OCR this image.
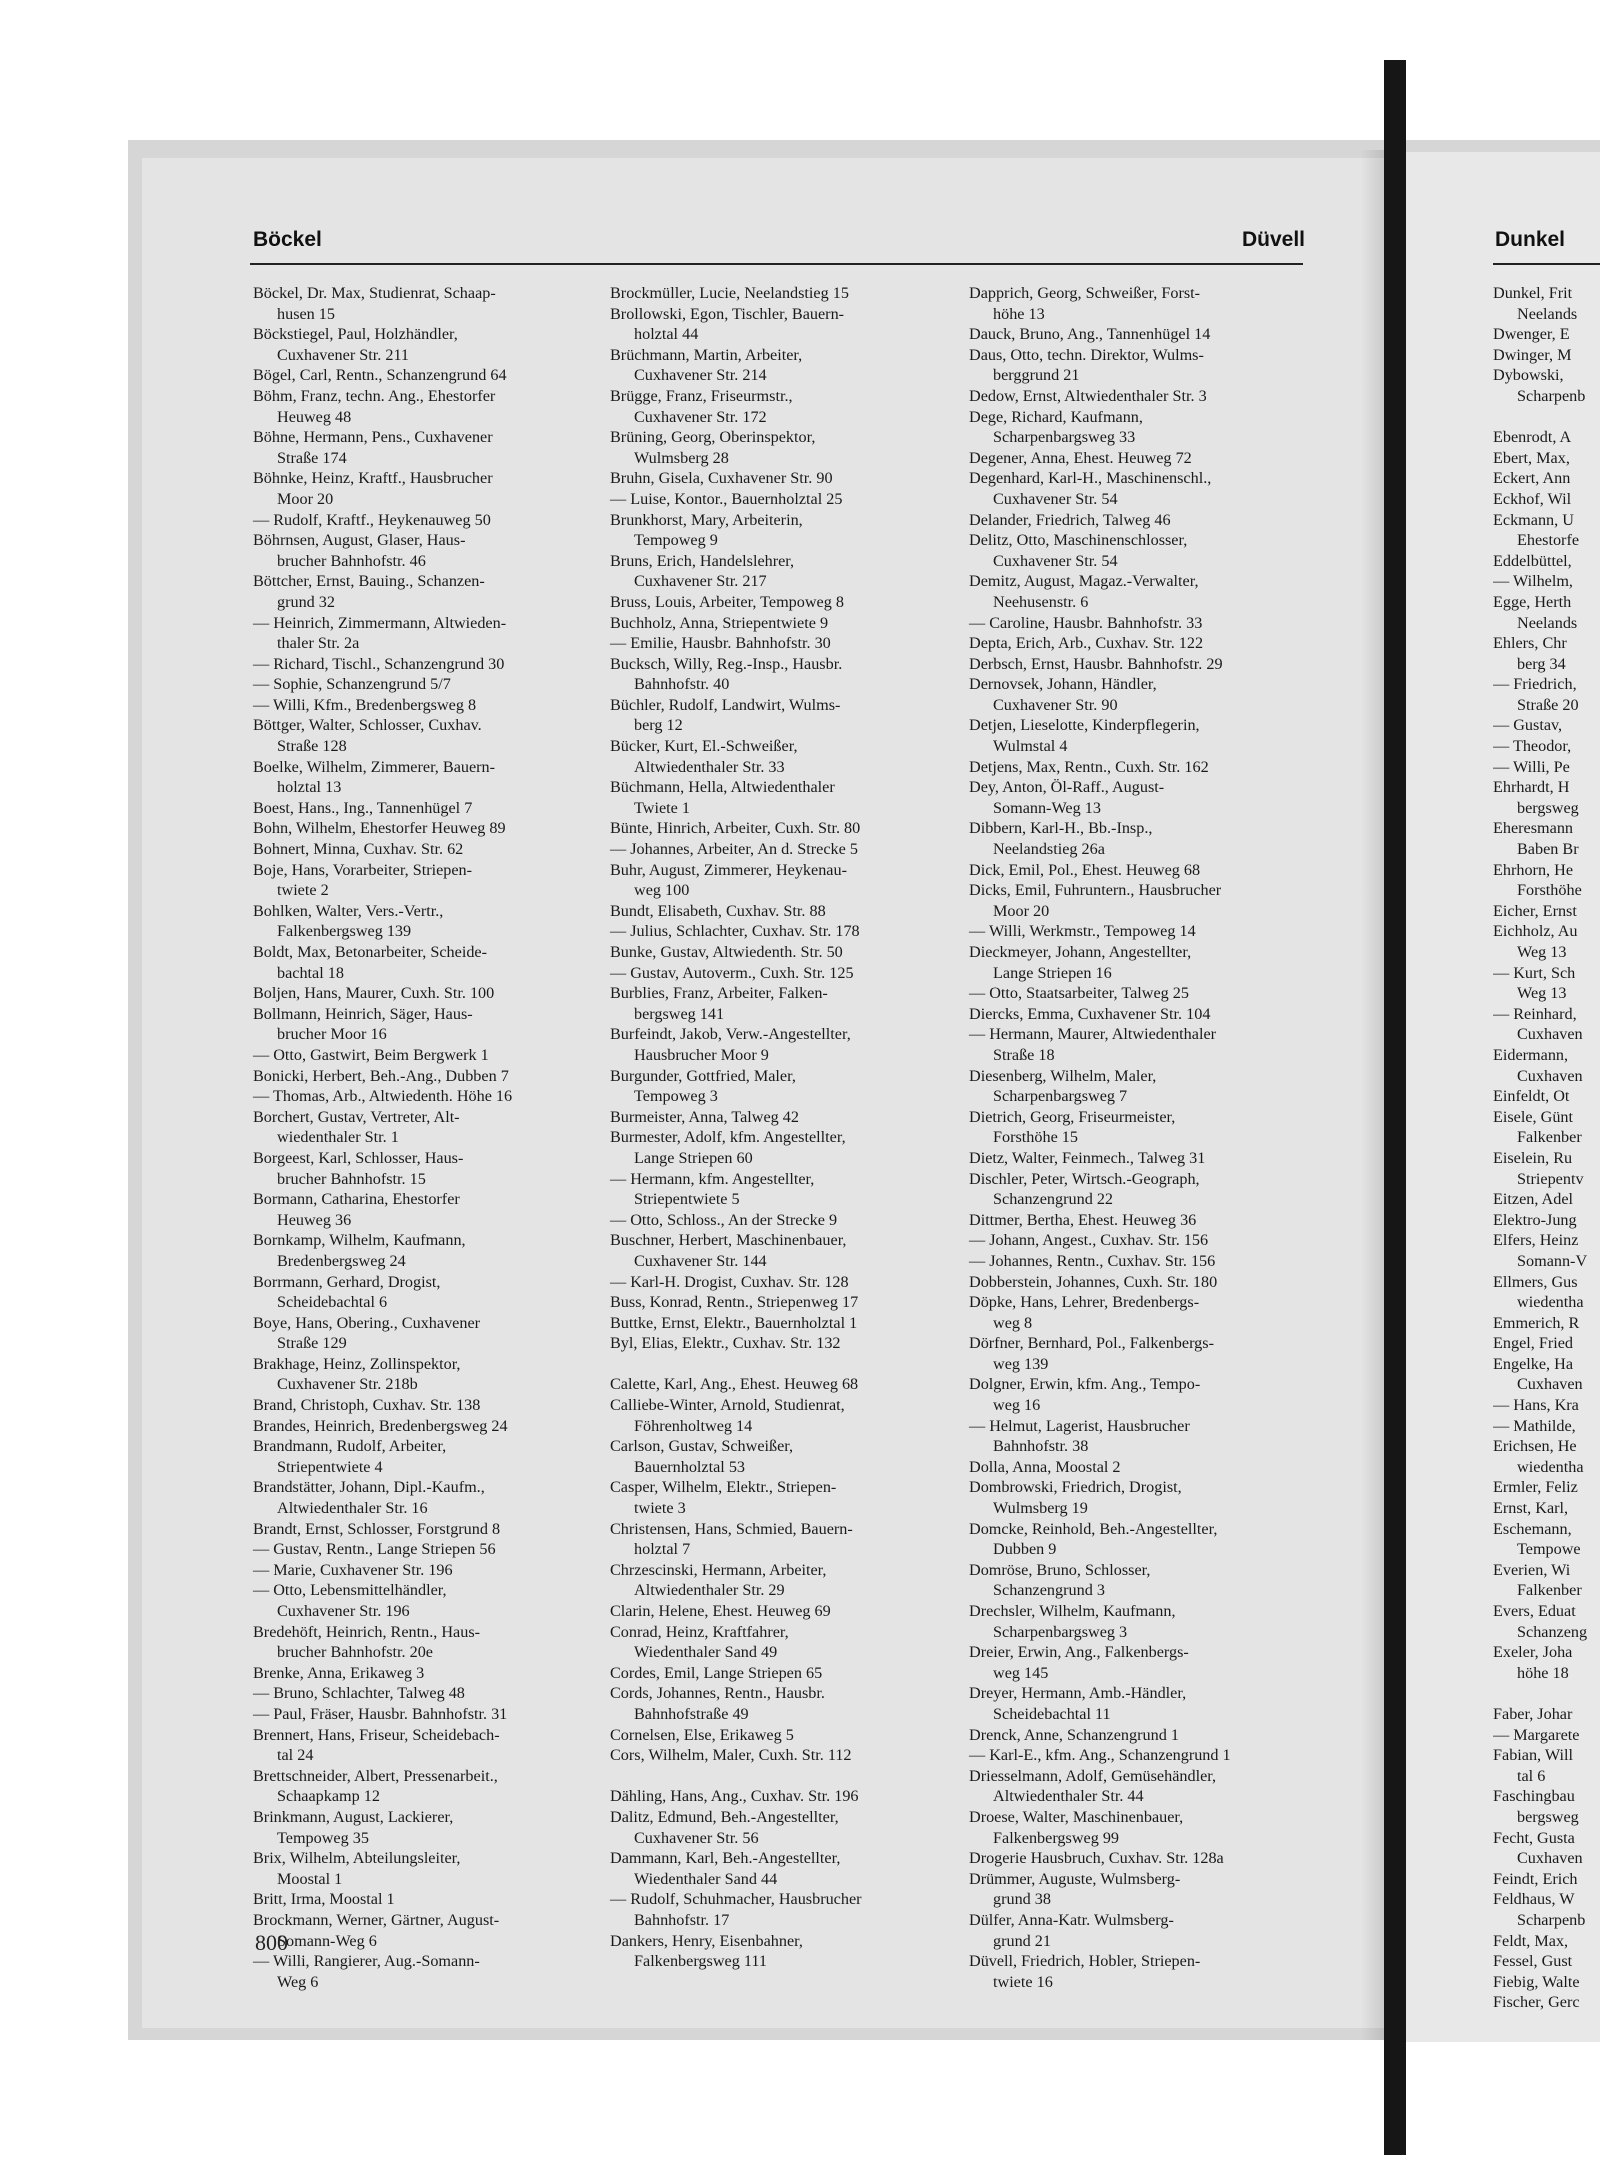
Böckel	Düvell	Dunkel
Böckel, Dr. Max, Studienrat, Schaap-
husen 15
Böckstiegel, Paul, Holzhändler,
Cuxhavener Str. 211
Bögel, Carl, Rentn., Schanzengrund 64
Böhm, Franz, techn. Ang., Ehestorfer
Heuweg 48
Böhne, Hermann, Pens., Cuxhavener
Straße 174
Böhnke, Heinz, Kraftf., Hausbrucher
Moor 20
— Rudolf, Kraftf., Heykenauweg 50
Böhrnsen, August, Glaser, Haus-
brucher Bahnhofstr. 46
Böttcher, Ernst, Bauing., Schanzen-
grund 32
— Heinrich, Zimmermann, Altwieden-
thaler Str. 2a
— Richard, Tischl., Schanzengrund 30
— Sophie, Schanzengrund 5/7
— Willi, Kfm., Bredenbergsweg 8
Böttger, Walter, Schlosser, Cuxhav.
Straße 128
Boelke, Wilhelm, Zimmerer, Bauern-
holztal 13
Boest, Hans., Ing., Tannenhügel 7
Bohn, Wilhelm, Ehestorfer Heuweg 89
Bohnert, Minna, Cuxhav. Str. 62
Boje, Hans, Vorarbeiter, Striepen-
twiete 2
Bohlken, Walter, Vers.-Vertr.,
Falkenbergsweg 139
Boldt, Max, Betonarbeiter, Scheide-
bachtal 18
Boljen, Hans, Maurer, Cuxh. Str. 100
Bollmann, Heinrich, Säger, Haus-
brucher Moor 16
— Otto, Gastwirt, Beim Bergwerk 1
Bonicki, Herbert, Beh.-Ang., Dubben 7
— Thomas, Arb., Altwiedenth. Höhe 16
Borchert, Gustav, Vertreter, Alt-
wiedenthaler Str. 1
Borgeest, Karl, Schlosser, Haus-
brucher Bahnhofstr. 15
Bormann, Catharina, Ehestorfer
Heuweg 36
Bornkamp, Wilhelm, Kaufmann,
Bredenbergsweg 24
Borrmann, Gerhard, Drogist,
Scheidebachtal 6
Boye, Hans, Obering., Cuxhavener
Straße 129
Brakhage, Heinz, Zollinspektor,
Cuxhavener Str. 218b
Brand, Christoph, Cuxhav. Str. 138
Brandes, Heinrich, Bredenbergsweg 24
Brandmann, Rudolf, Arbeiter,
Striepentwiete 4
Brandstätter, Johann, Dipl.-Kaufm.,
Altwiedenthaler Str. 16
Brandt, Ernst, Schlosser, Forstgrund 8
— Gustav, Rentn., Lange Striepen 56
— Marie, Cuxhavener Str. 196
— Otto, Lebensmittelhändler,
Cuxhavener Str. 196
Bredehöft, Heinrich, Rentn., Haus-
brucher Bahnhofstr. 20e
Brenke, Anna, Erikaweg 3
— Bruno, Schlachter, Talweg 48
— Paul, Fräser, Hausbr. Bahnhofstr. 31
Brennert, Hans, Friseur, Scheidebach-
tal 24
Brettschneider, Albert, Pressenarbeit.,
Schaapkamp 12
Brinkmann, August, Lackierer,
Tempoweg 35
Brix, Wilhelm, Abteilungsleiter,
Moostal 1
Britt, Irma, Moostal 1
Brockmann, Werner, Gärtner, August-
Somann-Weg 6
— Willi, Rangierer, Aug.-Somann-
Weg 6
Brockmüller, Lucie, Neelandstieg 15
Brollowski, Egon, Tischler, Bauern-
holztal 44
Brüchmann, Martin, Arbeiter,
Cuxhavener Str. 214
Brügge, Franz, Friseurmstr.,
Cuxhavener Str. 172
Brüning, Georg, Oberinspektor,
Wulmsberg 28
Bruhn, Gisela, Cuxhavener Str. 90
— Luise, Kontor., Bauernholztal 25
Brunkhorst, Mary, Arbeiterin,
Tempoweg 9
Bruns, Erich, Handelslehrer,
Cuxhavener Str. 217
Bruss, Louis, Arbeiter, Tempoweg 8
Buchholz, Anna, Striepentwiete 9
— Emilie, Hausbr. Bahnhofstr. 30
Bucksch, Willy, Reg.-Insp., Hausbr.
Bahnhofstr. 40
Büchler, Rudolf, Landwirt, Wulms-
berg 12
Bücker, Kurt, El.-Schweißer,
Altwiedenthaler Str. 33
Büchmann, Hella, Altwiedenthaler
Twiete 1
Bünte, Hinrich, Arbeiter, Cuxh. Str. 80
— Johannes, Arbeiter, An d. Strecke 5
Buhr, August, Zimmerer, Heykenau-
weg 100
Bundt, Elisabeth, Cuxhav. Str. 88
— Julius, Schlachter, Cuxhav. Str. 178
Bunke, Gustav, Altwiedenth. Str. 50
— Gustav, Autoverm., Cuxh. Str. 125
Burblies, Franz, Arbeiter, Falken-
bergsweg 141
Burfeindt, Jakob, Verw.-Angestellter,
Hausbrucher Moor 9
Burgunder, Gottfried, Maler,
Tempoweg 3
Burmeister, Anna, Talweg 42
Burmester, Adolf, kfm. Angestellter,
Lange Striepen 60
— Hermann, kfm. Angestellter,
Striepentwiete 5
— Otto, Schloss., An der Strecke 9
Buschner, Herbert, Maschinenbauer,
Cuxhavener Str. 144
— Karl-H. Drogist, Cuxhav. Str. 128
Buss, Konrad, Rentn., Striepenweg 17
Buttke, Ernst, Elektr., Bauernholztal 1
Byl, Elias, Elektr., Cuxhav. Str. 132
Calette, Karl, Ang., Ehest. Heuweg 68
Calliebe-Winter, Arnold, Studienrat,
Föhrenholtweg 14
Carlson, Gustav, Schweißer,
Bauernholztal 53
Casper, Wilhelm, Elektr., Striepen-
twiete 3
Christensen, Hans, Schmied, Bauern-
holztal 7
Chrzescinski, Hermann, Arbeiter,
Altwiedenthaler Str. 29
Clarin, Helene, Ehest. Heuweg 69
Conrad, Heinz, Kraftfahrer,
Wiedenthaler Sand 49
Cordes, Emil, Lange Striepen 65
Cords, Johannes, Rentn., Hausbr.
Bahnhofstraße 49
Cornelsen, Else, Erikaweg 5
Cors, Wilhelm, Maler, Cuxh. Str. 112
Dähling, Hans, Ang., Cuxhav. Str. 196
Dalitz, Edmund, Beh.-Angestellter,
Cuxhavener Str. 56
Dammann, Karl, Beh.-Angestellter,
Wiedenthaler Sand 44
— Rudolf, Schuhmacher, Hausbrucher
Bahnhofstr. 17
Dankers, Henry, Eisenbahner,
Falkenbergsweg 111
Dapprich, Georg, Schweißer, Forst-
höhe 13
Dauck, Bruno, Ang., Tannenhügel 14
Daus, Otto, techn. Direktor, Wulms-
berggrund 21
Dedow, Ernst, Altwiedenthaler Str. 3
Dege, Richard, Kaufmann,
Scharpenbargsweg 33
Degener, Anna, Ehest. Heuweg 72
Degenhard, Karl-H., Maschinenschl.,
Cuxhavener Str. 54
Delander, Friedrich, Talweg 46
Delitz, Otto, Maschinenschlosser,
Cuxhavener Str. 54
Demitz, August, Magaz.-Verwalter,
Neehusenstr. 6
— Caroline, Hausbr. Bahnhofstr. 33
Depta, Erich, Arb., Cuxhav. Str. 122
Derbsch, Ernst, Hausbr. Bahnhofstr. 29
Dernovsek, Johann, Händler,
Cuxhavener Str. 90
Detjen, Lieselotte, Kinderpflegerin,
Wulmstal 4
Detjens, Max, Rentn., Cuxh. Str. 162
Dey, Anton, Öl-Raff., August-
Somann-Weg 13
Dibbern, Karl-H., Bb.-Insp.,
Neelandstieg 26a
Dick, Emil, Pol., Ehest. Heuweg 68
Dicks, Emil, Fuhruntern., Hausbrucher
Moor 20
— Willi, Werkmstr., Tempoweg 14
Dieckmeyer, Johann, Angestellter,
Lange Striepen 16
— Otto, Staatsarbeiter, Talweg 25
Diercks, Emma, Cuxhavener Str. 104
— Hermann, Maurer, Altwiedenthaler
Straße 18
Diesenberg, Wilhelm, Maler,
Scharpenbargsweg 7
Dietrich, Georg, Friseurmeister,
Forsthöhe 15
Dietz, Walter, Feinmech., Talweg 31
Dischler, Peter, Wirtsch.-Geograph,
Schanzengrund 22
Dittmer, Bertha, Ehest. Heuweg 36
— Johann, Angest., Cuxhav. Str. 156
— Johannes, Rentn., Cuxhav. Str. 156
Dobberstein, Johannes, Cuxh. Str. 180
Döpke, Hans, Lehrer, Bredenbergs-
weg 8
Dörfner, Bernhard, Pol., Falkenbergs-
weg 139
Dolgner, Erwin, kfm. Ang., Tempo-
weg 16
— Helmut, Lagerist, Hausbrucher
Bahnhofstr. 38
Dolla, Anna, Moostal 2
Dombrowski, Friedrich, Drogist,
Wulmsberg 19
Domcke, Reinhold, Beh.-Angestellter,
Dubben 9
Domröse, Bruno, Schlosser,
Schanzengrund 3
Drechsler, Wilhelm, Kaufmann,
Scharpenbargsweg 3
Dreier, Erwin, Ang., Falkenbergs-
weg 145
Dreyer, Hermann, Amb.-Händler,
Scheidebachtal 11
Drenck, Anne, Schanzengrund 1
— Karl-E., kfm. Ang., Schanzengrund 1
Driesselmann, Adolf, Gemüsehändler,
Altwiedenthaler Str. 44
Droese, Walter, Maschinenbauer,
Falkenbergsweg 99
Drogerie Hausbruch, Cuxhav. Str. 128a
Drümmer, Auguste, Wulmsberg-
grund 38
Dülfer, Anna-Katr. Wulmsberg-
grund 21
Düvell, Friedrich, Hobler, Striepen-
twiete 16
Dunkel, Frit
Neelands
Dwenger, E
Dwinger, M
Dybowski,
Scharpenb
Ebenrodt, A
Ebert, Max,
Eckert, Ann
Eckhof, Wil
Eckmann, U
Ehestorfe
Eddelbüttel,
— Wilhelm,
Egge, Herth
Neelands
Ehlers, Chr
berg 34
— Friedrich,
Straße 20
— Gustav,
— Theodor,
— Willi, Pe
Ehrhardt, H
bergsweg
Eheresmann
Baben Br
Ehrhorn, He
Forsthöhe
Eicher, Ernst
Eichholz, Au
Weg 13
— Kurt, Sch
Weg 13
— Reinhard,
Cuxhaven
Eidermann,
Cuxhaven
Einfeldt, Ot
Eisele, Günt
Falkenber
Eiselein, Ru
Striepentv
Eitzen, Adel
Elektro-Jung
Elfers, Heinz
Somann-V
Ellmers, Gus
wiedentha
Emmerich, R
Engel, Fried
Engelke, Ha
Cuxhaven
— Hans, Kra
— Mathilde,
Erichsen, He
wiedentha
Ermler, Feliz
Ernst, Karl,
Eschemann,
Tempowe
Everien, Wi
Falkenber
Evers, Eduat
Schanzeng
Exeler, Joha
höhe 18
Faber, Johar
— Margarete
Fabian, Will
tal 6
Faschingbau
bergsweg
Fecht, Gusta
Cuxhaven
Feindt, Erich
Feldhaus, W
Scharpenb
Feldt, Max,
Fessel, Gust
Fiebig, Walte
Fischer, Gerc
800
